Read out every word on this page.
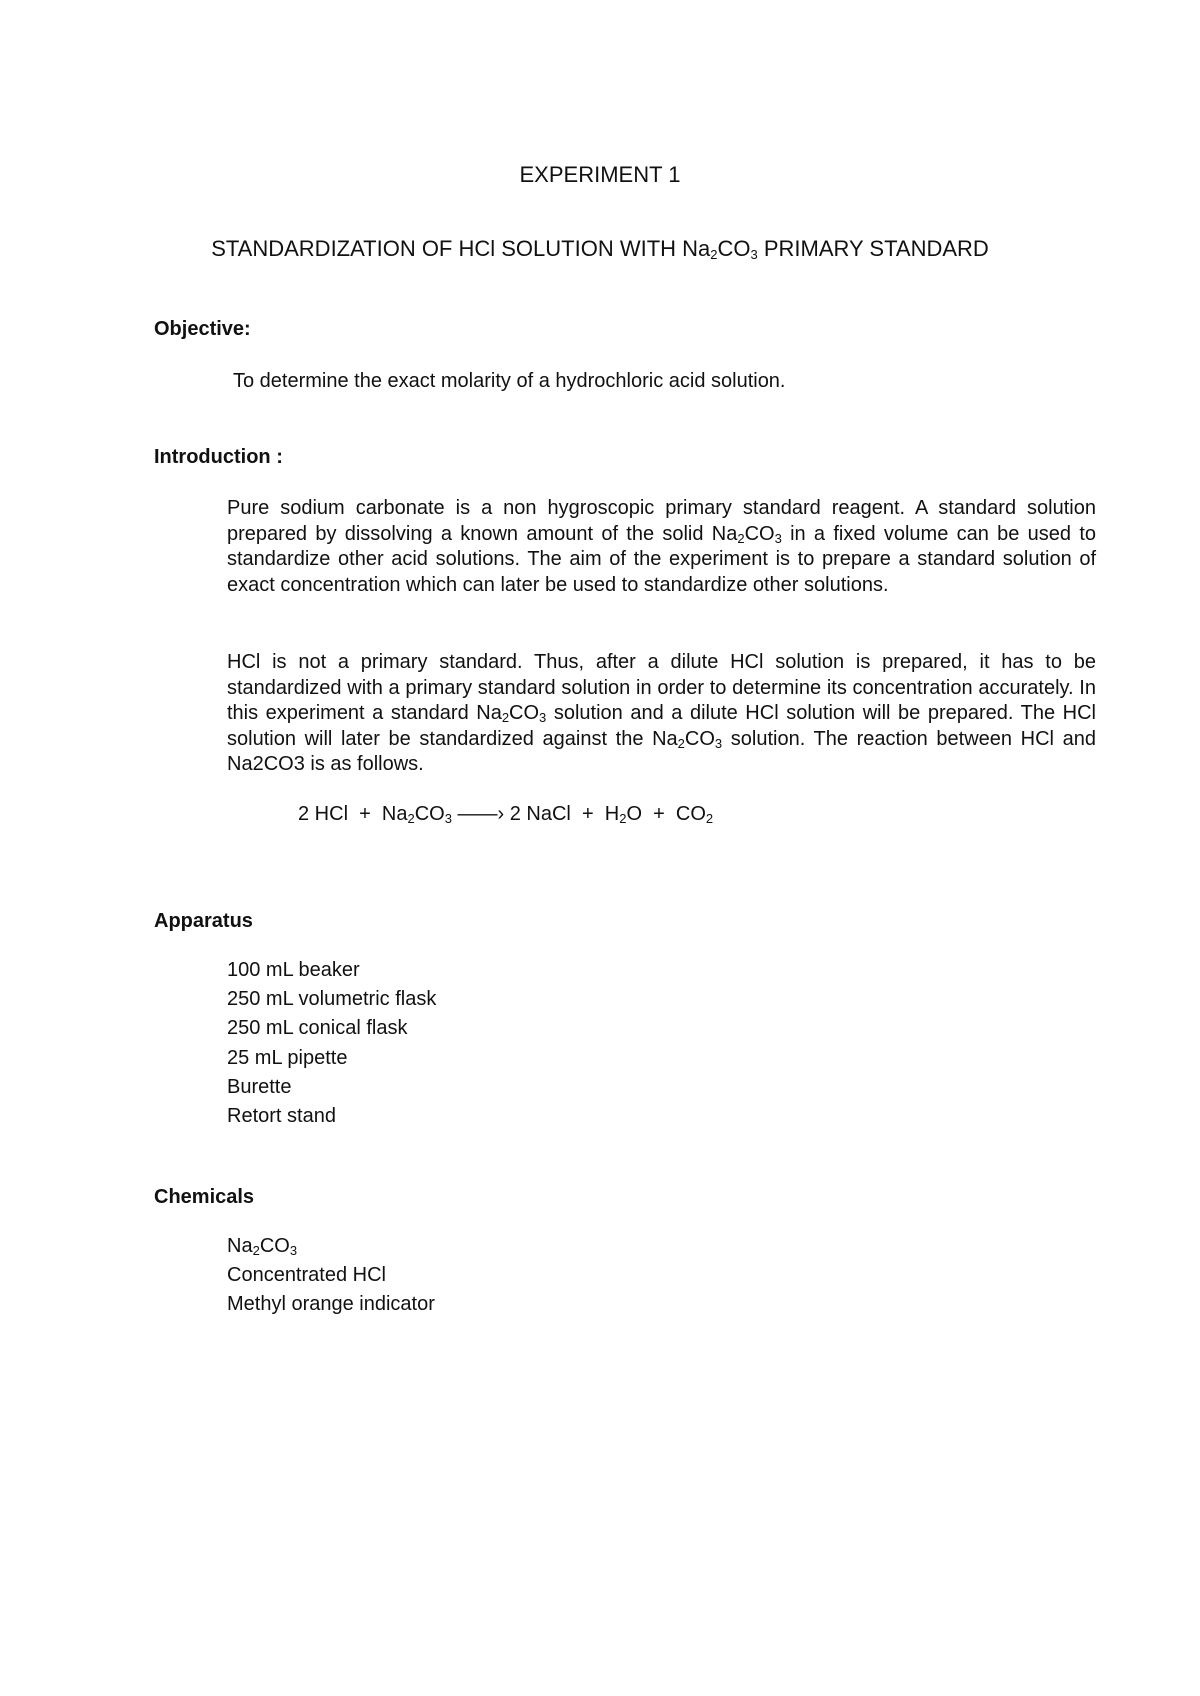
EXPERIMENT 1
STANDARDIZATION OF HCl SOLUTION WITH $Na_2CO_3$ PRIMARY STANDARD
Objective:

To determine the exact molarity of a hydrochloric acid solution.

Introduction :

Pure sodium carbonate is a non hygroscopic primary standard reagent. A standard solution prepared by dissolving a known amount of the solid $Na_2CO_3$ in a fixed volume can be used to standardize other acid solutions. The aim of the experiment is to prepare a standard solution of exact concentration which can later be used to standardize other solutions.

HCl is not a primary standard. Thus, after a dilute HCl solution is prepared, it has to be standardized with a primary standard solution in order to determine its concentration accurately. In this experiment a standard $Na_2CO_3$ solution and a dilute HCl solution will be prepared. The HCl solution will later be standardized against the $Na_2CO_3$ solution. The reaction between HCl and Na2CO3 is as follows.

2 HCl  +  $Na_2CO_3$ ——› 2 NaCl  +  $H_2O + CO_2$
Apparatus
100 mL beaker
250 mL volumetric flask
250 mL conical flask
25 mL pipette
Burette
Retort stand
Chemicals
$Na_2CO_3$
Concentrated HCl
Methyl orange indicator
